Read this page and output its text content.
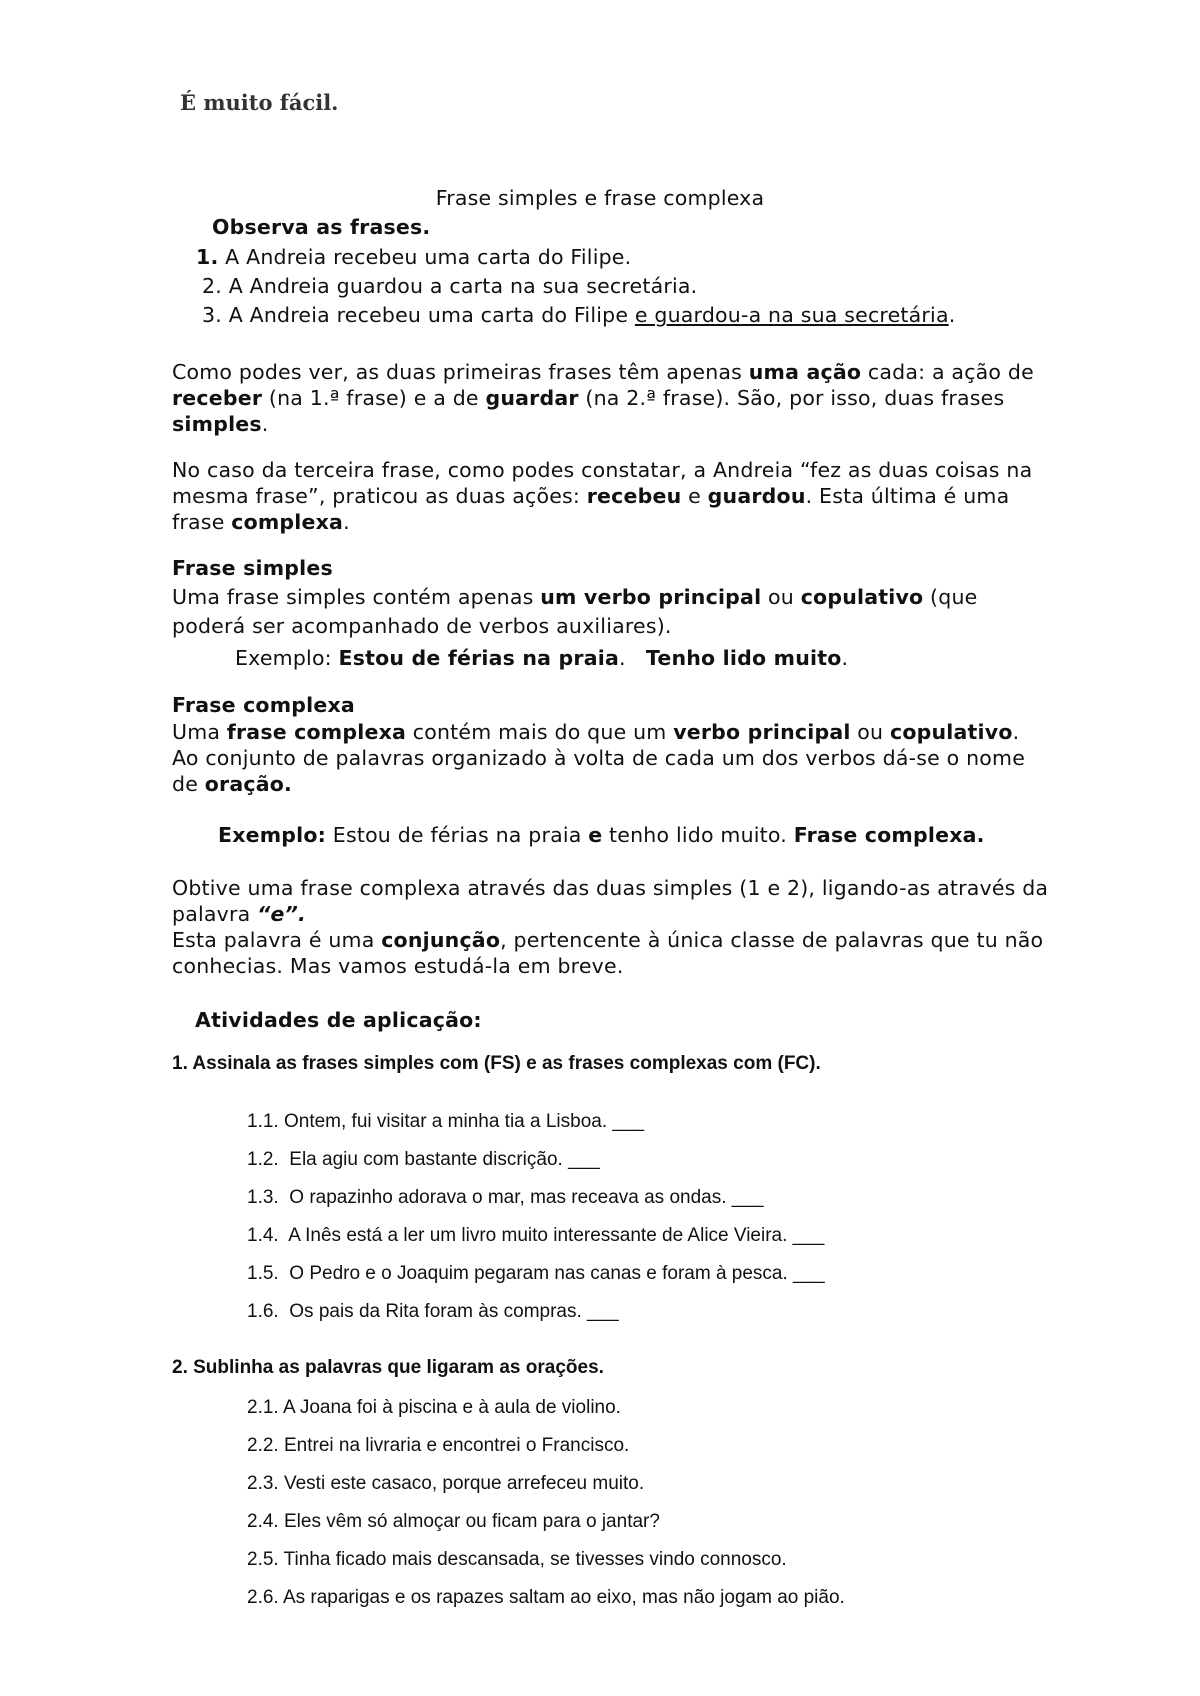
É muito fácil.
Frase simples e frase complexa
Observa as frases.
1. A Andreia recebeu uma carta do Filipe.
2. A Andreia guardou a carta na sua secretária.
3. A Andreia recebeu uma carta do Filipe e guardou-a na sua secretária.

Como podes ver, as duas primeiras frases têm apenas uma ação cada: a ação de

receber (na 1.ª frase) e a de guardar (na 2.ª frase). São, por isso, duas frases

simples.

No caso da terceira frase, como podes constatar, a Andreia “fez as duas coisas na

mesma frase”, praticou as duas ações: recebeu e guardou. Esta última é uma

frase complexa.

Frase simples

Uma frase simples contém apenas um verbo principal ou copulativo (que

poderá ser acompanhado de verbos auxiliares).

Exemplo: Estou de férias na praia.   Tenho lido muito.
Frase complexa

Uma frase complexa contém mais do que um verbo principal ou copulativo.

Ao conjunto de palavras organizado à volta de cada um dos verbos dá-se o nome

de oração.

Exemplo: Estou de férias na praia e tenho lido muito. Frase complexa.

Obtive uma frase complexa através das duas simples (1 e 2), ligando-as através da

palavra “e”.

Esta palavra é uma conjunção, pertencente à única classe de palavras que tu não

conhecias. Mas vamos estudá-la em breve.

Atividades de aplicação:
1. Assinala as frases simples com (FS) e as frases complexas com (FC).
1.1. Ontem, fui visitar a minha tia a Lisboa. ___
1.2. Ela agiu com bastante discrição. ___
1.3. O rapazinho adorava o mar, mas receava as ondas. ___
1.4. A Inês está a ler um livro muito interessante de Alice Vieira. ___
1.5. O Pedro e o Joaquim pegaram nas canas e foram à pesca. ___
1.6. Os pais da Rita foram às compras. ___
2. Sublinha as palavras que ligaram as orações.
2.1. A Joana foi à piscina e à aula de violino.
2.2. Entrei na livraria e encontrei o Francisco.
2.3. Vesti este casaco, porque arrefeceu muito.
2.4. Eles vêm só almoçar ou ficam para o jantar?
2.5. Tinha ficado mais descansada, se tivesses vindo connosco.
2.6. As raparigas e os rapazes saltam ao eixo, mas não jogam ao pião.
